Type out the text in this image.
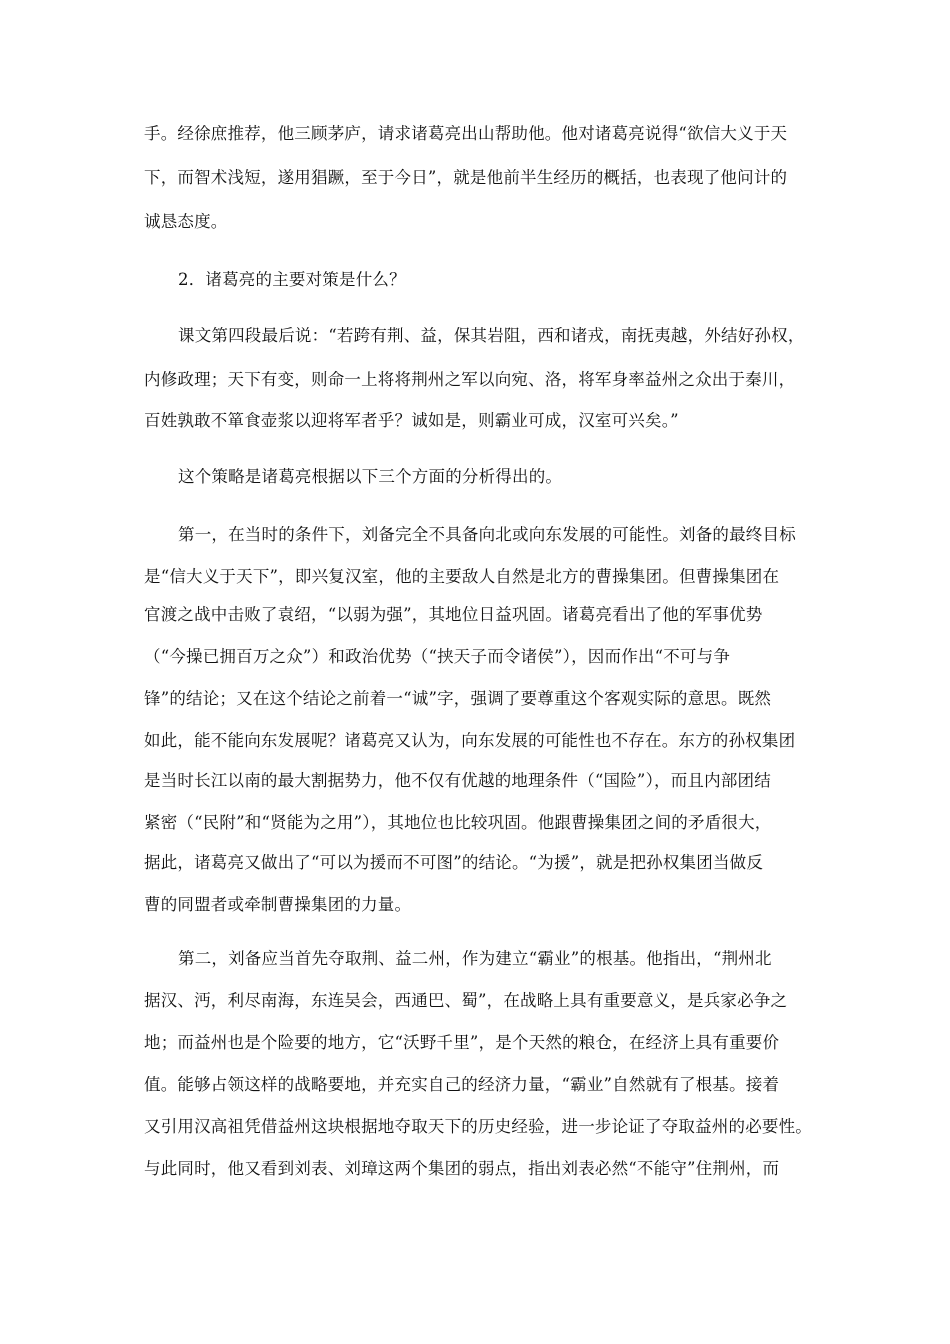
手。经徐庶推荐，他三顾茅庐，请求诸葛亮出山帮助他。他对诸葛亮说得“欲信大义于天
下，而智术浅短，遂用猖蹶，至于今日”，就是他前半生经历的概括，也表现了他问计的
诚恳态度。
2．诸葛亮的主要对策是什么？
课文第四段最后说：“若跨有荆、益，保其岩阻，西和诸戎，南抚夷越，外结好孙权，
内修政理；天下有变，则命一上将将荆州之军以向宛、洛，将军身率益州之众出于秦川，
百姓孰敢不箪食壶浆以迎将军者乎？诚如是，则霸业可成，汉室可兴矣。”
这个策略是诸葛亮根据以下三个方面的分析得出的。
第一，在当时的条件下，刘备完全不具备向北或向东发展的可能性。刘备的最终目标
是“信大义于天下”，即兴复汉室，他的主要敌人自然是北方的曹操集团。但曹操集团在
官渡之战中击败了袁绍，“以弱为强”，其地位日益巩固。诸葛亮看出了他的军事优势
（“今操已拥百万之众”）和政治优势（“挟天子而令诸侯”），因而作出“不可与争
锋”的结论；又在这个结论之前着一“诚”字，强调了要尊重这个客观实际的意思。既然
如此，能不能向东发展呢？诸葛亮又认为，向东发展的可能性也不存在。东方的孙权集团
是当时长江以南的最大割据势力，他不仅有优越的地理条件（“国险”），而且内部团结
紧密（“民附”和“贤能为之用”），其地位也比较巩固。他跟曹操集团之间的矛盾很大，
据此，诸葛亮又做出了“可以为援而不可图”的结论。“为援”，就是把孙权集团当做反
曹的同盟者或牵制曹操集团的力量。
第二，刘备应当首先夺取荆、益二州，作为建立“霸业”的根基。他指出，“荆州北
据汉、沔，利尽南海，东连吴会，西通巴、蜀”，在战略上具有重要意义，是兵家必争之
地；而益州也是个险要的地方，它“沃野千里”，是个天然的粮仓，在经济上具有重要价
值。能够占领这样的战略要地，并充实自己的经济力量，“霸业”自然就有了根基。接着
又引用汉高祖凭借益州这块根据地夺取天下的历史经验，进一步论证了夺取益州的必要性。
与此同时，他又看到刘表、刘璋这两个集团的弱点，指出刘表必然“不能守”住荆州，而
